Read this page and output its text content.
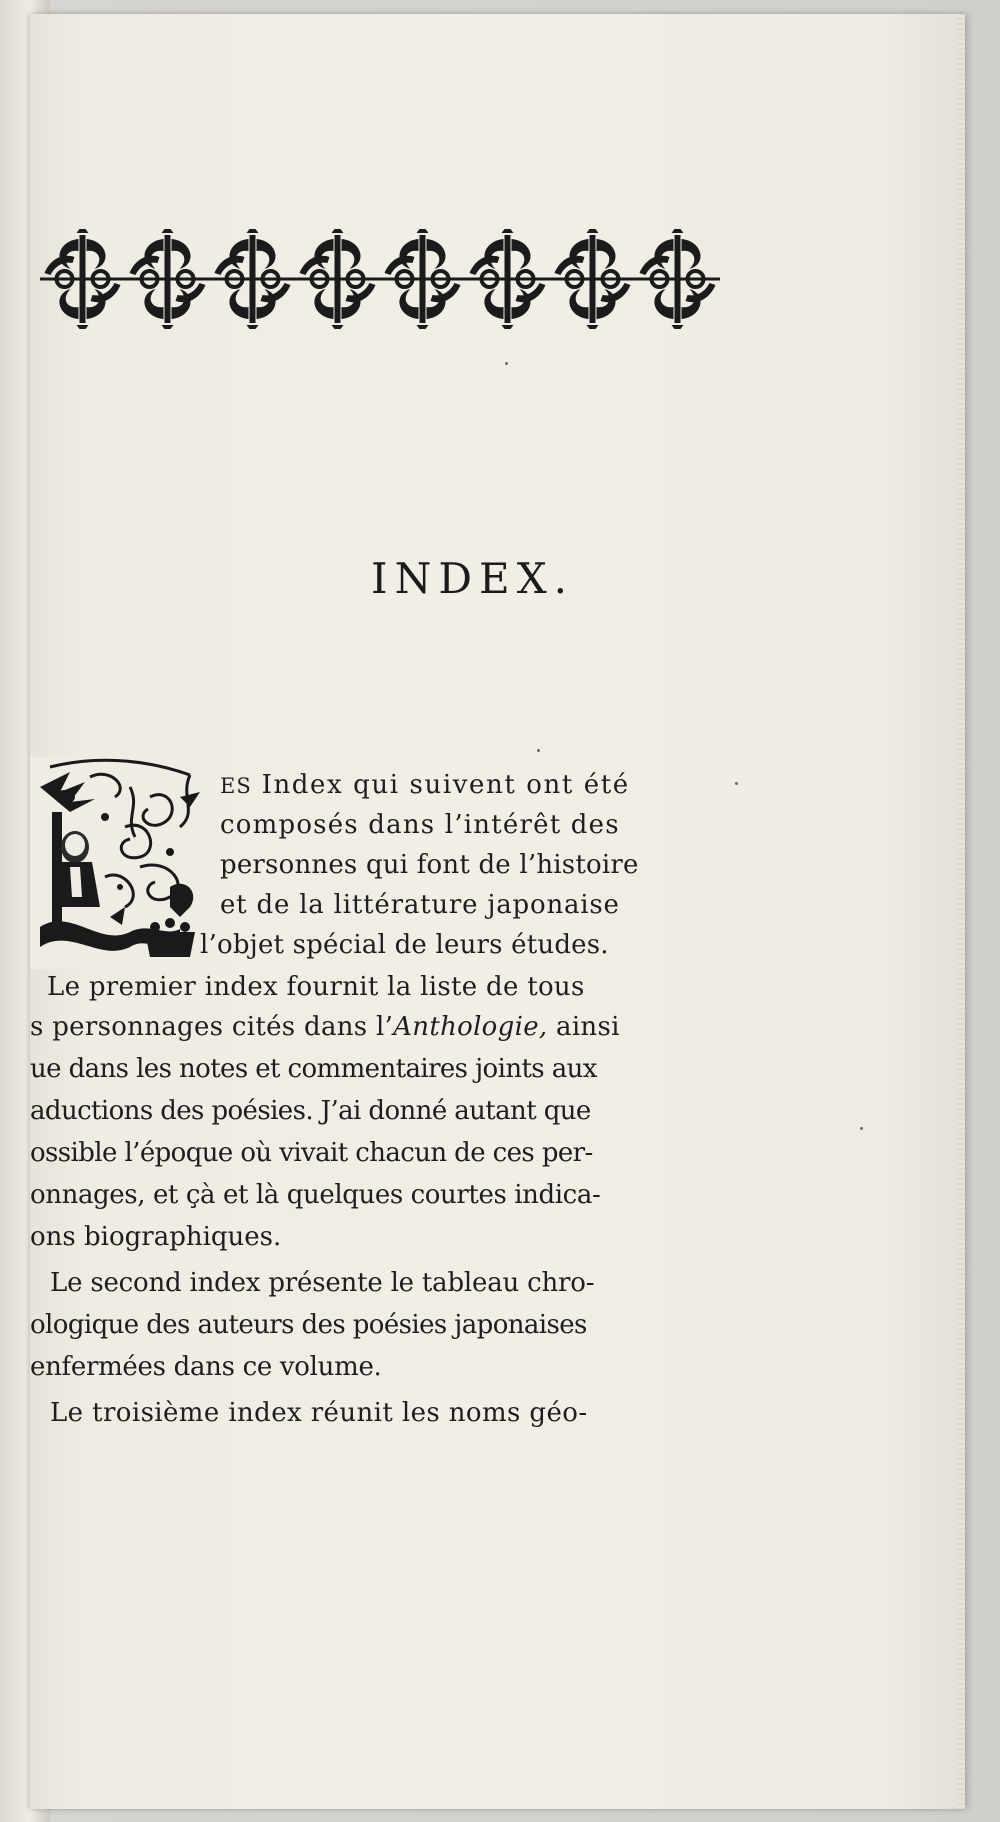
INDEX.
ES Index qui suivent ont été
composés dans l’intérêt des
personnes qui font de l’histoire
et de la littérature japonaise
l’objet spécial de leurs études.
Le premier index fournit la liste de tous
s personnages cités dans l’Anthologie, ainsi
ue dans les notes et commentaires joints aux
aductions des poésies. J’ai donné autant que
ossible l’époque où vivait chacun de ces per-
onnages, et çà et là quelques courtes indica-
ons biographiques.
Le second index présente le tableau chro-
ologique des auteurs des poésies japonaises
enfermées dans ce volume.
Le troisième index réunit les noms géo-
